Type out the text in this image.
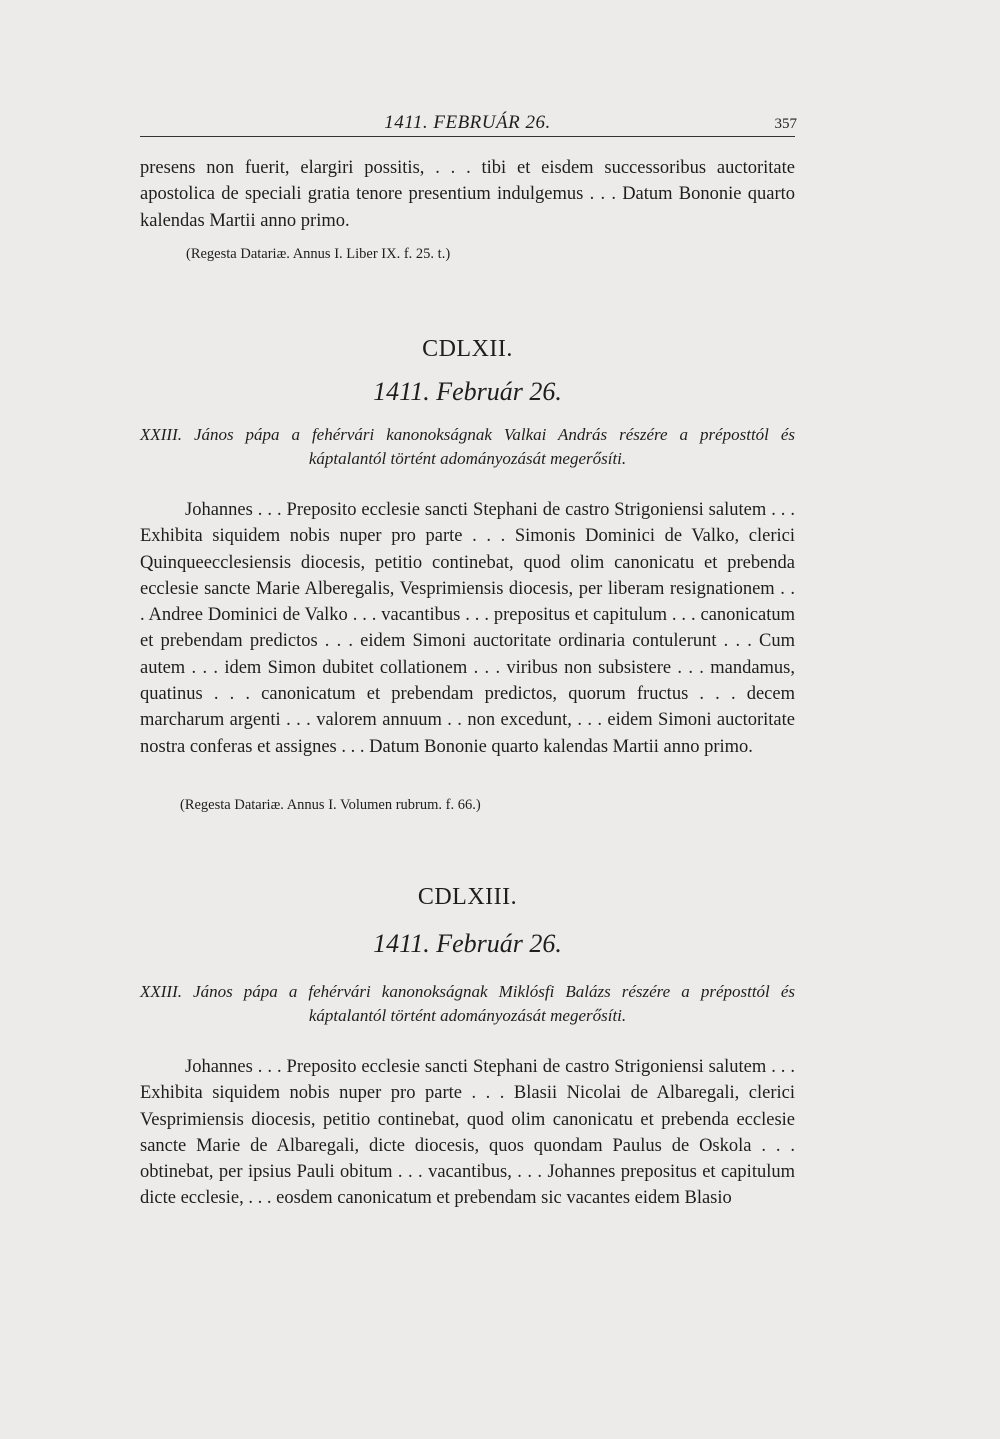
1411. FEBRUÁR 26.	357

presens non fuerit, elargiri possitis, . . . tibi et eisdem successoribus auctoritate apostolica de speciali gratia tenore presentium indulgemus . . . Datum Bononie quarto kalendas Martii anno primo.

(Regesta Datariæ. Annus I. Liber IX. f. 25. t.)

CDLXII.
1411. Február 26.

XXIII. János pápa a fehérvári kanonokságnak Valkai András részére a préposttól és
káptalantól történt adományozását megerősíti.

Johannes . . . Preposito ecclesie sancti Stephani de castro Strigoniensi salutem . . . Exhibita siquidem nobis nuper pro parte . . . Simonis Dominici de Valko, clerici Quinqueecclesiensis diocesis, petitio continebat, quod olim canonicatu et prebenda ecclesie sancte Marie Alberegalis, Vesprimiensis diocesis, per liberam resignationem . . . Andree Dominici de Valko . . . vacantibus . . . prepositus et capitulum . . . canonicatum et prebendam predictos . . . eidem Simoni auctoritate ordinaria contulerunt . . . Cum autem . . . idem Simon dubitet collationem . . . viribus non subsistere . . . mandamus, quatinus . . . canonicatum et prebendam predictos, quorum fructus . . . decem marcharum argenti . . . valorem annuum . . non excedunt, . . . eidem Simoni auctoritate nostra conferas et assignes . . . Datum Bononie quarto kalendas Martii anno primo.

(Regesta Datariæ. Annus I. Volumen rubrum. f. 66.)

CDLXIII.
1411. Február 26.

XXIII. János pápa a fehérvári kanonokságnak Miklósfi Balázs részére a préposttól és
káptalantól történt adományozását megerősíti.

Johannes . . . Preposito ecclesie sancti Stephani de castro Strigoniensi salutem . . . Exhibita siquidem nobis nuper pro parte . . . Blasii Nicolai de Albaregali, clerici Vesprimiensis diocesis, petitio continebat, quod olim canonicatu et prebenda ecclesie sancte Marie de Albaregali, dicte diocesis, quos quondam Paulus de Oskola . . . obtinebat, per ipsius Pauli obitum . . . vacantibus, . . . Johannes prepositus et capitulum dicte ecclesie, . . . eosdem canonicatum et prebendam sic vacantes eidem Blasio
